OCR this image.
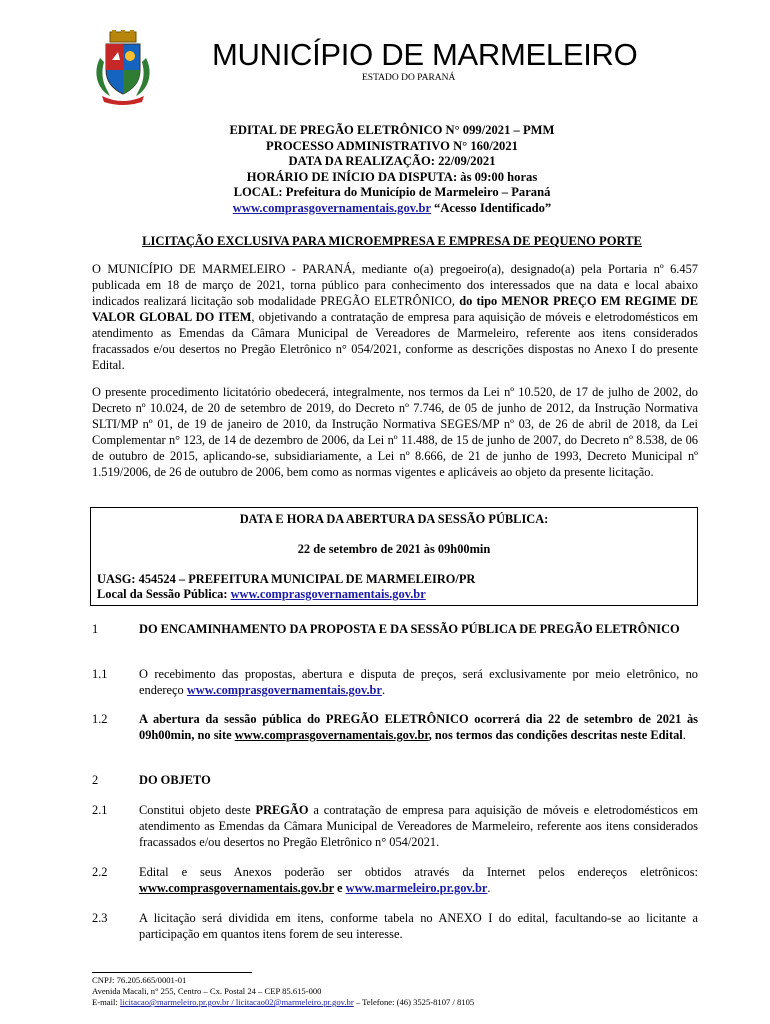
MUNICÍPIO DE MARMELEIRO
ESTADO DO PARANÁ
EDITAL DE PREGÃO ELETRÔNICO N° 099/2021 – PMM
PROCESSO ADMINISTRATIVO N° 160/2021
DATA DA REALIZAÇÃO: 22/09/2021
HORÁRIO DE INÍCIO DA DISPUTA: às 09:00 horas
LOCAL: Prefeitura do Município de Marmeleiro – Paraná
www.comprasgovernamentais.gov.br “Acesso Identificado”
LICITAÇÃO EXCLUSIVA PARA MICROEMPRESA E EMPRESA DE PEQUENO PORTE
O MUNICÍPIO DE MARMELEIRO - PARANÁ, mediante o(a) pregoeiro(a), designado(a) pela Portaria nº 6.457 publicada em 18 de março de 2021, torna público para conhecimento dos interessados que na data e local abaixo indicados realizará licitação sob modalidade PREGÃO ELETRÔNICO, do tipo MENOR PREÇO EM REGIME DE VALOR GLOBAL DO ITEM, objetivando a contratação de empresa para aquisição de móveis e eletrodomésticos em atendimento as Emendas da Câmara Municipal de Vereadores de Marmeleiro, referente aos itens considerados fracassados e/ou desertos no Pregão Eletrônico n° 054/2021, conforme as descrições dispostas no Anexo I do presente Edital.
O presente procedimento licitatório obedecerá, integralmente, nos termos da Lei nº 10.520, de 17 de julho de 2002, do Decreto nº 10.024, de 20 de setembro de 2019, do Decreto nº 7.746, de 05 de junho de 2012, da Instrução Normativa SLTI/MP nº 01, de 19 de janeiro de 2010, da Instrução Normativa SEGES/MP nº 03, de 26 de abril de 2018, da Lei Complementar n° 123, de 14 de dezembro de 2006, da Lei nº 11.488, de 15 de junho de 2007, do Decreto nº 8.538, de 06 de outubro de 2015, aplicando-se, subsidiariamente, a Lei nº 8.666, de 21 de junho de 1993, Decreto Municipal nº 1.519/2006, de 26 de outubro de 2006, bem como as normas vigentes e aplicáveis ao objeto da presente licitação.
DATA E HORA DA ABERTURA DA SESSÃO PÚBLICA:
22 de setembro de 2021 às 09h00min
UASG: 454524 – PREFEITURA MUNICIPAL DE MARMELEIRO/PR
Local da Sessão Pública: www.comprasgovernamentais.gov.br
1	DO ENCAMINHAMENTO DA PROPOSTA E DA SESSÃO PÚBLICA DE PREGÃO ELETRÔNICO
1.1	O recebimento das propostas, abertura e disputa de preços, será exclusivamente por meio eletrônico, no endereço www.comprasgovernamentais.gov.br.
1.2	A abertura da sessão pública do PREGÃO ELETRÔNICO ocorrerá dia 22 de setembro de 2021 às 09h00min, no site www.comprasgovernamentais.gov.br, nos termos das condições descritas neste Edital.
2	DO OBJETO
2.1	Constitui objeto deste PREGÃO a contratação de empresa para aquisição de móveis e eletrodomésticos em atendimento as Emendas da Câmara Municipal de Vereadores de Marmeleiro, referente aos itens considerados fracassados e/ou desertos no Pregão Eletrônico n° 054/2021.
2.2	Edital e seus Anexos poderão ser obtidos através da Internet pelos endereços eletrônicos: www.comprasgovernamentais.gov.br e www.marmeleiro.pr.gov.br.
2.3	A licitação será dividida em itens, conforme tabela no ANEXO I do edital, facultando-se ao licitante a participação em quantos itens forem de seu interesse.
CNPJ: 76.205.665/0001-01
Avenida Macali, n° 255, Centro – Cx. Postal 24 – CEP 85.615-000
E-mail: licitacao@marmeleiro.pr.gov.br / licitacao02@marmeleiro.pr.gov.br – Telefone: (46) 3525-8107 / 8105
